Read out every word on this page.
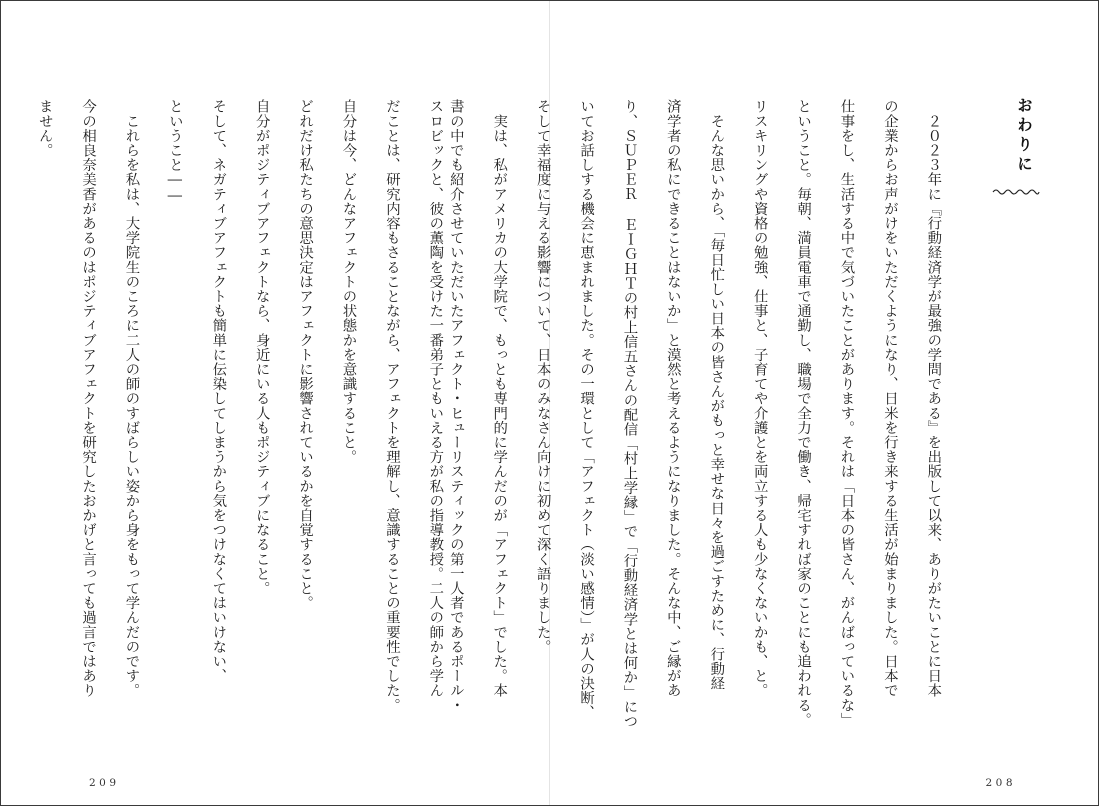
スロビックと、彼の薫陶を受けた一番弟子ともいえる方が私の指導教授。二人の師から学ん

だことは、研究内容もさることながら、アフェクトを理解し、意識することの重要性でした。

自分は今、どんなアフェクトの状態かを意識すること。

どれだけ私たちの意思決定はアフェクトに影響されているかを自覚すること。

自分がポジティブアフェクトなら、身近にいる人もポジティブになること。

そして、ネガティブアフェクトも簡単に伝染してしまうから気をつけなくてはいけない、

ということ――

　これらを私は、大学院生のころに二人の師のすばらしい姿から身をもって学んだのです。

今の相良奈美香があるのはポジティブアフェクトを研究したおかげと言っても過言ではあり

ません。

209
おわりに

　２０２３年に『行動経済学が最強の学問である』を出版して以来、ありがたいことに日本

の企業からお声がけをいただくようになり、日米を行き来する生活が始まりました。日本で

仕事をし、生活する中で気づいたことがあります。それは「日本の皆さん、がんばっているな」

ということ。毎朝、満員電車で通勤し、職場で全力で働き、帰宅すれば家のことにも追われる。

リスキリングや資格の勉強、仕事と、子育てや介護とを両立する人も少なくないかも、と。

　そんな思いから、「毎日忙しい日本の皆さんがもっと幸せな日々を過ごすために、行動経

済学者の私にできることはないか」と漠然と考えるようになりました。そんな中、ご縁があ

り、ＳＵＰＥＲ ＥＩＧＨＴの村上信五さんの配信「村上学縁」で「行動経済学とは何か」につ

いてお話しする機会に恵まれました。その一環として「アフェクト（淡い感情）」が人の決断、

そして幸福度に与える影響について、日本のみなさん向けに初めて深く語りました。

　実は、私がアメリカの大学院で、もっとも専門的に学んだのが「アフェクト」でした。本

書の中でも紹介させていただいたアフェクト・ヒューリスティックの第一人者であるポール・

208
